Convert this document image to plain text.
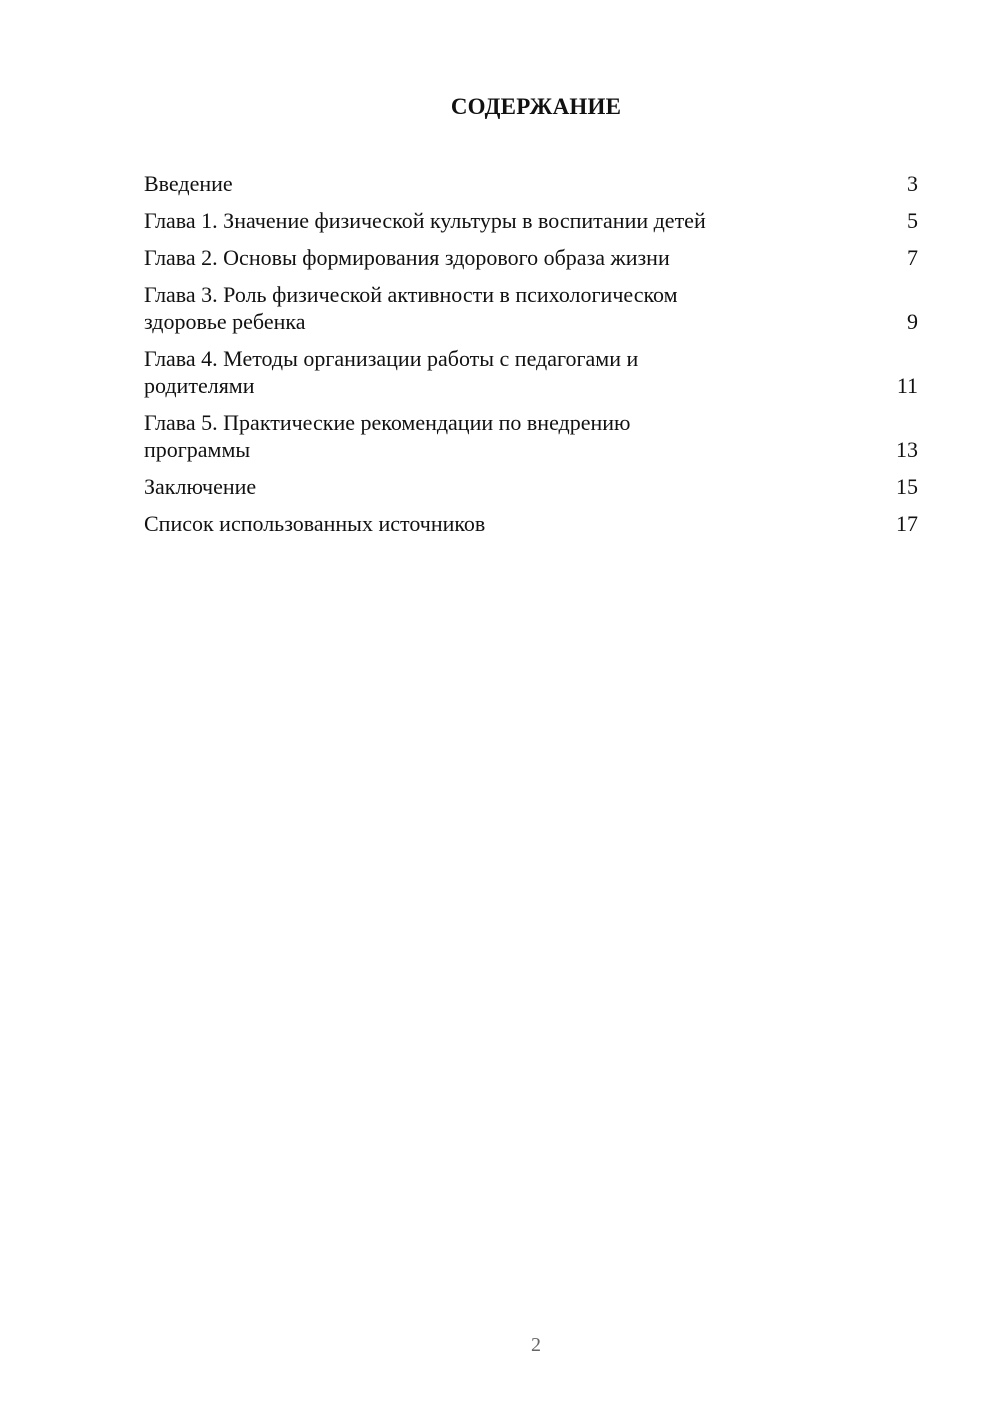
СОДЕРЖАНИЕ
Введение	3
Глава 1. Значение физической культуры в воспитании детей	5
Глава 2. Основы формирования здорового образа жизни	7
Глава 3. Роль физической активности в психологическом
здоровье ребенка	9
Глава 4. Методы организации работы с педагогами и
родителями	11
Глава 5. Практические рекомендации по внедрению
программы	13
Заключение	15
Список использованных источников	17
2
